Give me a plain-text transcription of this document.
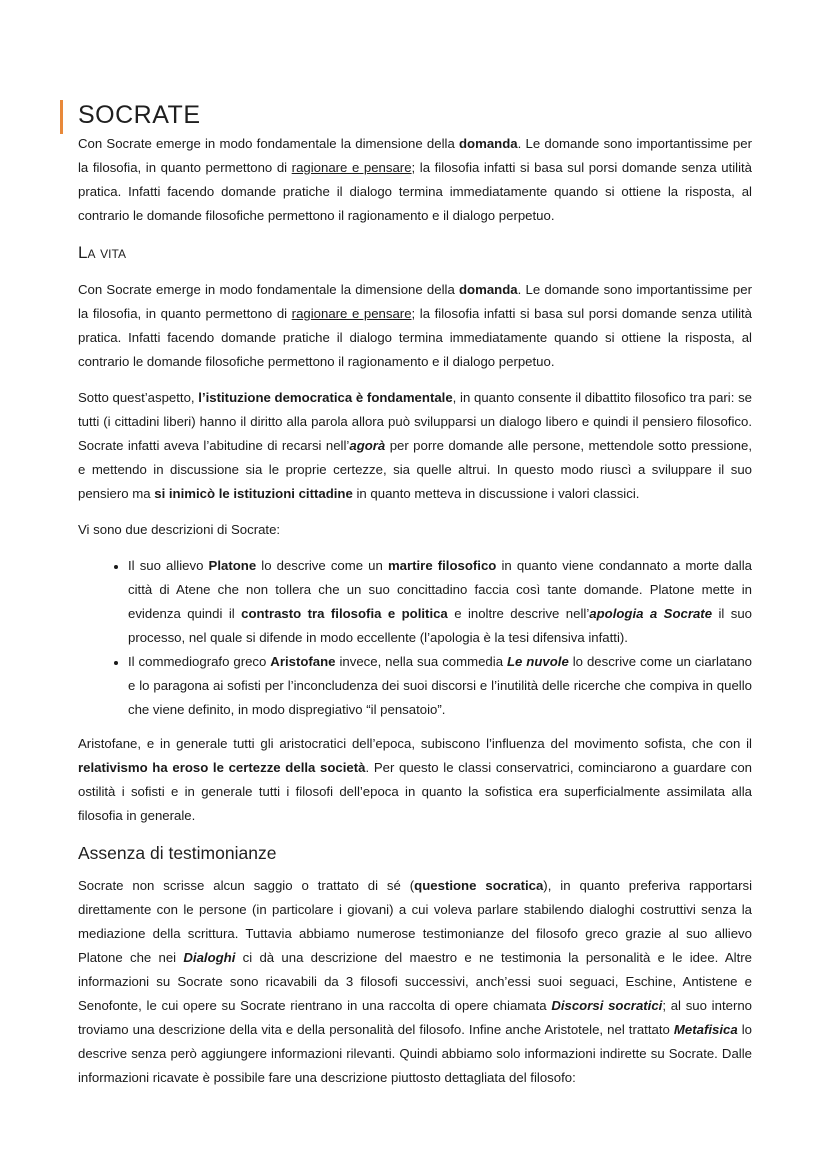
SOCRATE

Con Socrate emerge in modo fondamentale la dimensione della domanda. Le domande sono importantissime per la filosofia, in quanto permettono di ragionare e pensare; la filosofia infatti si basa sul porsi domande senza utilità pratica. Infatti facendo domande pratiche il dialogo termina immediatamente quando si ottiene la risposta, al contrario le domande filosofiche permettono il ragionamento e il dialogo perpetuo.

La vita

Con Socrate emerge in modo fondamentale la dimensione della domanda. Le domande sono importantissime per la filosofia, in quanto permettono di ragionare e pensare; la filosofia infatti si basa sul porsi domande senza utilità pratica. Infatti facendo domande pratiche il dialogo termina immediatamente quando si ottiene la risposta, al contrario le domande filosofiche permettono il ragionamento e il dialogo perpetuo.

Sotto quest’aspetto, l’istituzione democratica è fondamentale, in quanto consente il dibattito filosofico tra pari: se tutti (i cittadini liberi) hanno il diritto alla parola allora può svilupparsi un dialogo libero e quindi il pensiero filosofico. Socrate infatti aveva l’abitudine di recarsi nell’agorà per porre domande alle persone, mettendole sotto pressione, e mettendo in discussione sia le proprie certezze, sia quelle altrui. In questo modo riuscì a sviluppare il suo pensiero ma si inimicò le istituzioni cittadine in quanto metteva in discussione i valori classici.

Vi sono due descrizioni di Socrate:

• Il suo allievo Platone lo descrive come un martire filosofico in quanto viene condannato a morte dalla città di Atene che non tollera che un suo concittadino faccia così tante domande. Platone mette in evidenza quindi il contrasto tra filosofia e politica e inoltre descrive nell’apologia a Socrate il suo processo, nel quale si difende in modo eccellente (l’apologia è la tesi difensiva infatti).
• Il commediografo greco Aristofane invece, nella sua commedia Le nuvole lo descrive come un ciarlatano e lo paragona ai sofisti per l’inconcludenza dei suoi discorsi e l’inutilità delle ricerche che compiva in quello che viene definito, in modo dispregiativo “il pensatoio”.

Aristofane, e in generale tutti gli aristocratici dell’epoca, subiscono l’influenza del movimento sofista, che con il relativismo ha eroso le certezze della società. Per questo le classi conservatrici, cominciarono a guardare con ostilità i sofisti e in generale tutti i filosofi dell’epoca in quanto la sofistica era superficialmente assimilata alla filosofia in generale.

Assenza di testimonianze

Socrate non scrisse alcun saggio o trattato di sé (questione socratica), in quanto preferiva rapportarsi direttamente con le persone (in particolare i giovani) a cui voleva parlare stabilendo dialoghi costruttivi senza la mediazione della scrittura. Tuttavia abbiamo numerose testimonianze del filosofo greco grazie al suo allievo Platone che nei Dialoghi ci dà una descrizione del maestro e ne testimonia la personalità e le idee. Altre informazioni su Socrate sono ricavabili da 3 filosofi successivi, anch’essi suoi seguaci, Eschine, Antistene e Senofonte, le cui opere su Socrate rientrano in una raccolta di opere chiamata Discorsi socratici; al suo interno troviamo una descrizione della vita e della personalità del filosofo. Infine anche Aristotele, nel trattato Metafisica lo descrive senza però aggiungere informazioni rilevanti. Quindi abbiamo solo informazioni indirette su Socrate. Dalle informazioni ricavate è possibile fare una descrizione piuttosto dettagliata del filosofo:
